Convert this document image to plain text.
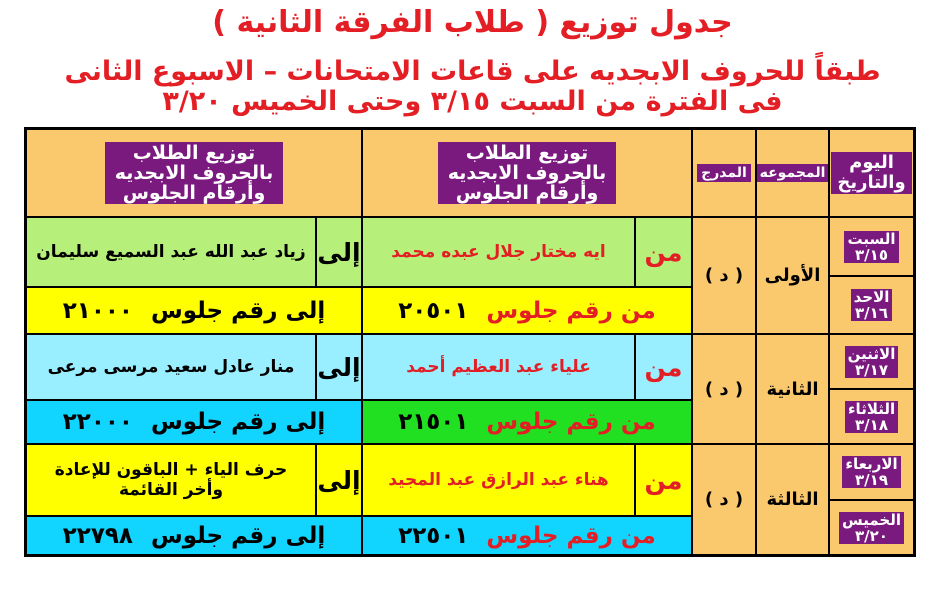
جدول توزيع ( طلاب الفرقة الثانية )
طبقاً للحروف الابجديه على قاعات الامتحانات – الاسبوع الثانى
فى الفترة من السبت ٣/١٥ وحتى الخميس ٣/٢٠
اليوم
والتاريخ
المجموعه
المدرج
توزيع الطلاب
بالحروف الابجديه
وأرقام الجلوس
توزيع الطلاب
بالحروف الابجديه
وأرقام الجلوس
السبت
٣/١٥
الاحد
٣/١٦
الأولى
( د )
من
ايه مختار جلال عبده محمد
إلى
زياد عبد الله عبد السميع سليمان
من رقم جلوس
٢٠٥٠١
إلى رقم جلوس
٢١٠٠٠
الاثنين
٣/١٧
الثلاثاء
٣/١٨
الثانية
( د )
من
علياء عبد العظيم أحمد
إلى
منار عادل سعيد مرسى مرعى
من رقم جلوس
٢١٥٠١
إلى رقم جلوس
٢٢٠٠٠
الاربعاء
٣/١٩
الخميس
٣/٢٠
الثالثة
( د )
من
هناء عبد الرازق عبد المجيد
إلى
حرف الياء + الباقون للإعادة وأخر القائمة
من رقم جلوس
٢٢٥٠١
إلى رقم جلوس
٢٢٧٩٨
